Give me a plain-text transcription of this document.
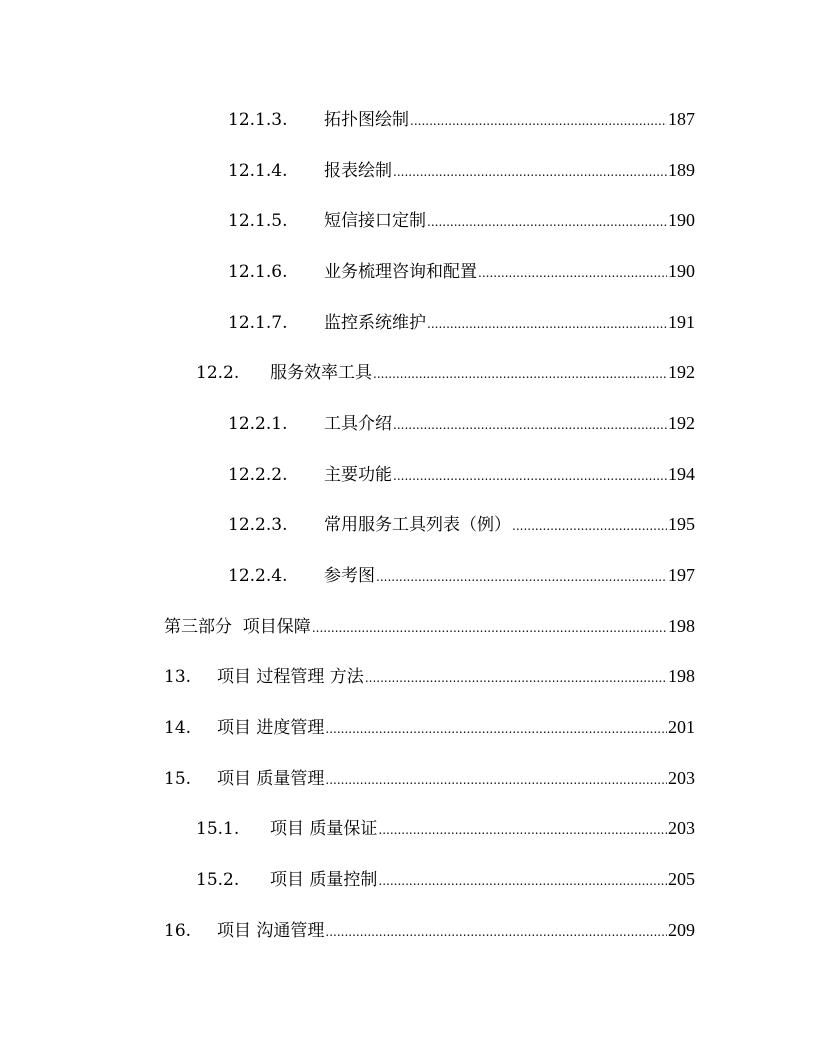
12.1.3.	拓扑图绘制 .....	187
12.1.4.	报表绘制 .....	189
12.1.5.	短信接口定制 .....	190
12.1.6.	业务梳理咨询和配置 .....	190
12.1.7.	监控系统维护 .....	191
12.2.	服务效率工具 .....	192
12.2.1.	工具介绍 .....	192
12.2.2.	主要功能 .....	194
12.2.3.	常用服务工具列表（例） .....	195
12.2.4.	参考图 .....	197
第三部分  项目保障 .....	198
13.	项目 过程管理 方法 .....	198
14.	项目 进度管理 .....	201
15.	项目 质量管理 .....	203
15.1.	项目 质量保证 .....	203
15.2.	项目 质量控制 .....	205
16.	项目 沟通管理 .....	209
